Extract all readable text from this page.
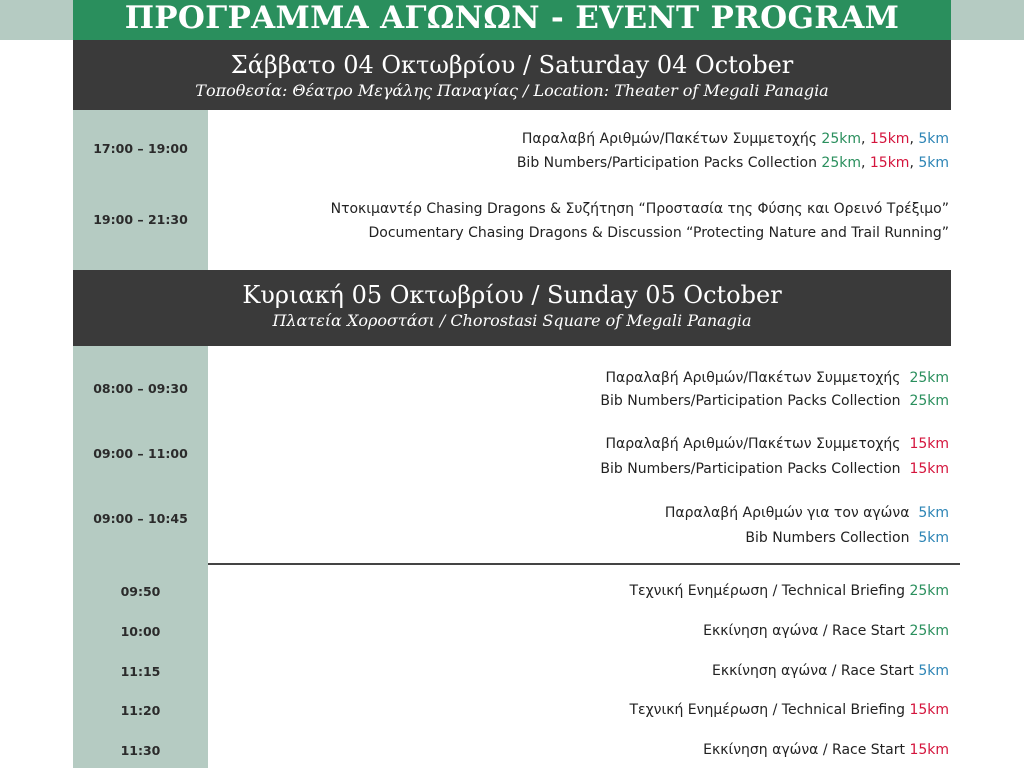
ΠΡΟΓΡΑΜΜΑ ΑΓΩΝΩΝ - EVENT PROGRAM
Σάββατο 04 Οκτωβρίου / Saturday 04 October
Τοποθεσία: Θέατρο Μεγάλης Παναγίας / Location: Theater of Megali Panagia
17:00 – 19:00
Παραλαβή Αριθμών/Πακέτων Συμμετοχής 25km, 15km, 5km
Bib Numbers/Participation Packs Collection 25km, 15km, 5km
19:00 – 21:30
Ντοκιμαντέρ Chasing Dragons & Συζήτηση “Προστασία της Φύσης και Ορεινό Τρέξιμο”
Documentary Chasing Dragons & Discussion “Protecting Nature and Trail Running”
Κυριακή 05 Οκτωβρίου / Sunday 05 October
Πλατεία Χοροστάσι / Chorostasi Square of Megali Panagia
08:00 – 09:30
Παραλαβή Αριθμών/Πακέτων Συμμετοχής 25km
Bib Numbers/Participation Packs Collection 25km
09:00 – 11:00
Παραλαβή Αριθμών/Πακέτων Συμμετοχής 15km
Bib Numbers/Participation Packs Collection 15km
09:00 – 10:45	Παραλαβή Αριθμών για τον αγώνα 5km
Bib Numbers Collection 5km
09:50	Τεχνική Ενημέρωση / Technical Briefing 25km
10:00	Εκκίνηση αγώνα / Race Start 25km
11:15	Εκκίνηση αγώνα / Race Start 5km
11:20	Τεχνική Ενημέρωση / Technical Briefing 15km
11:30	Εκκίνηση αγώνα / Race Start 15km
